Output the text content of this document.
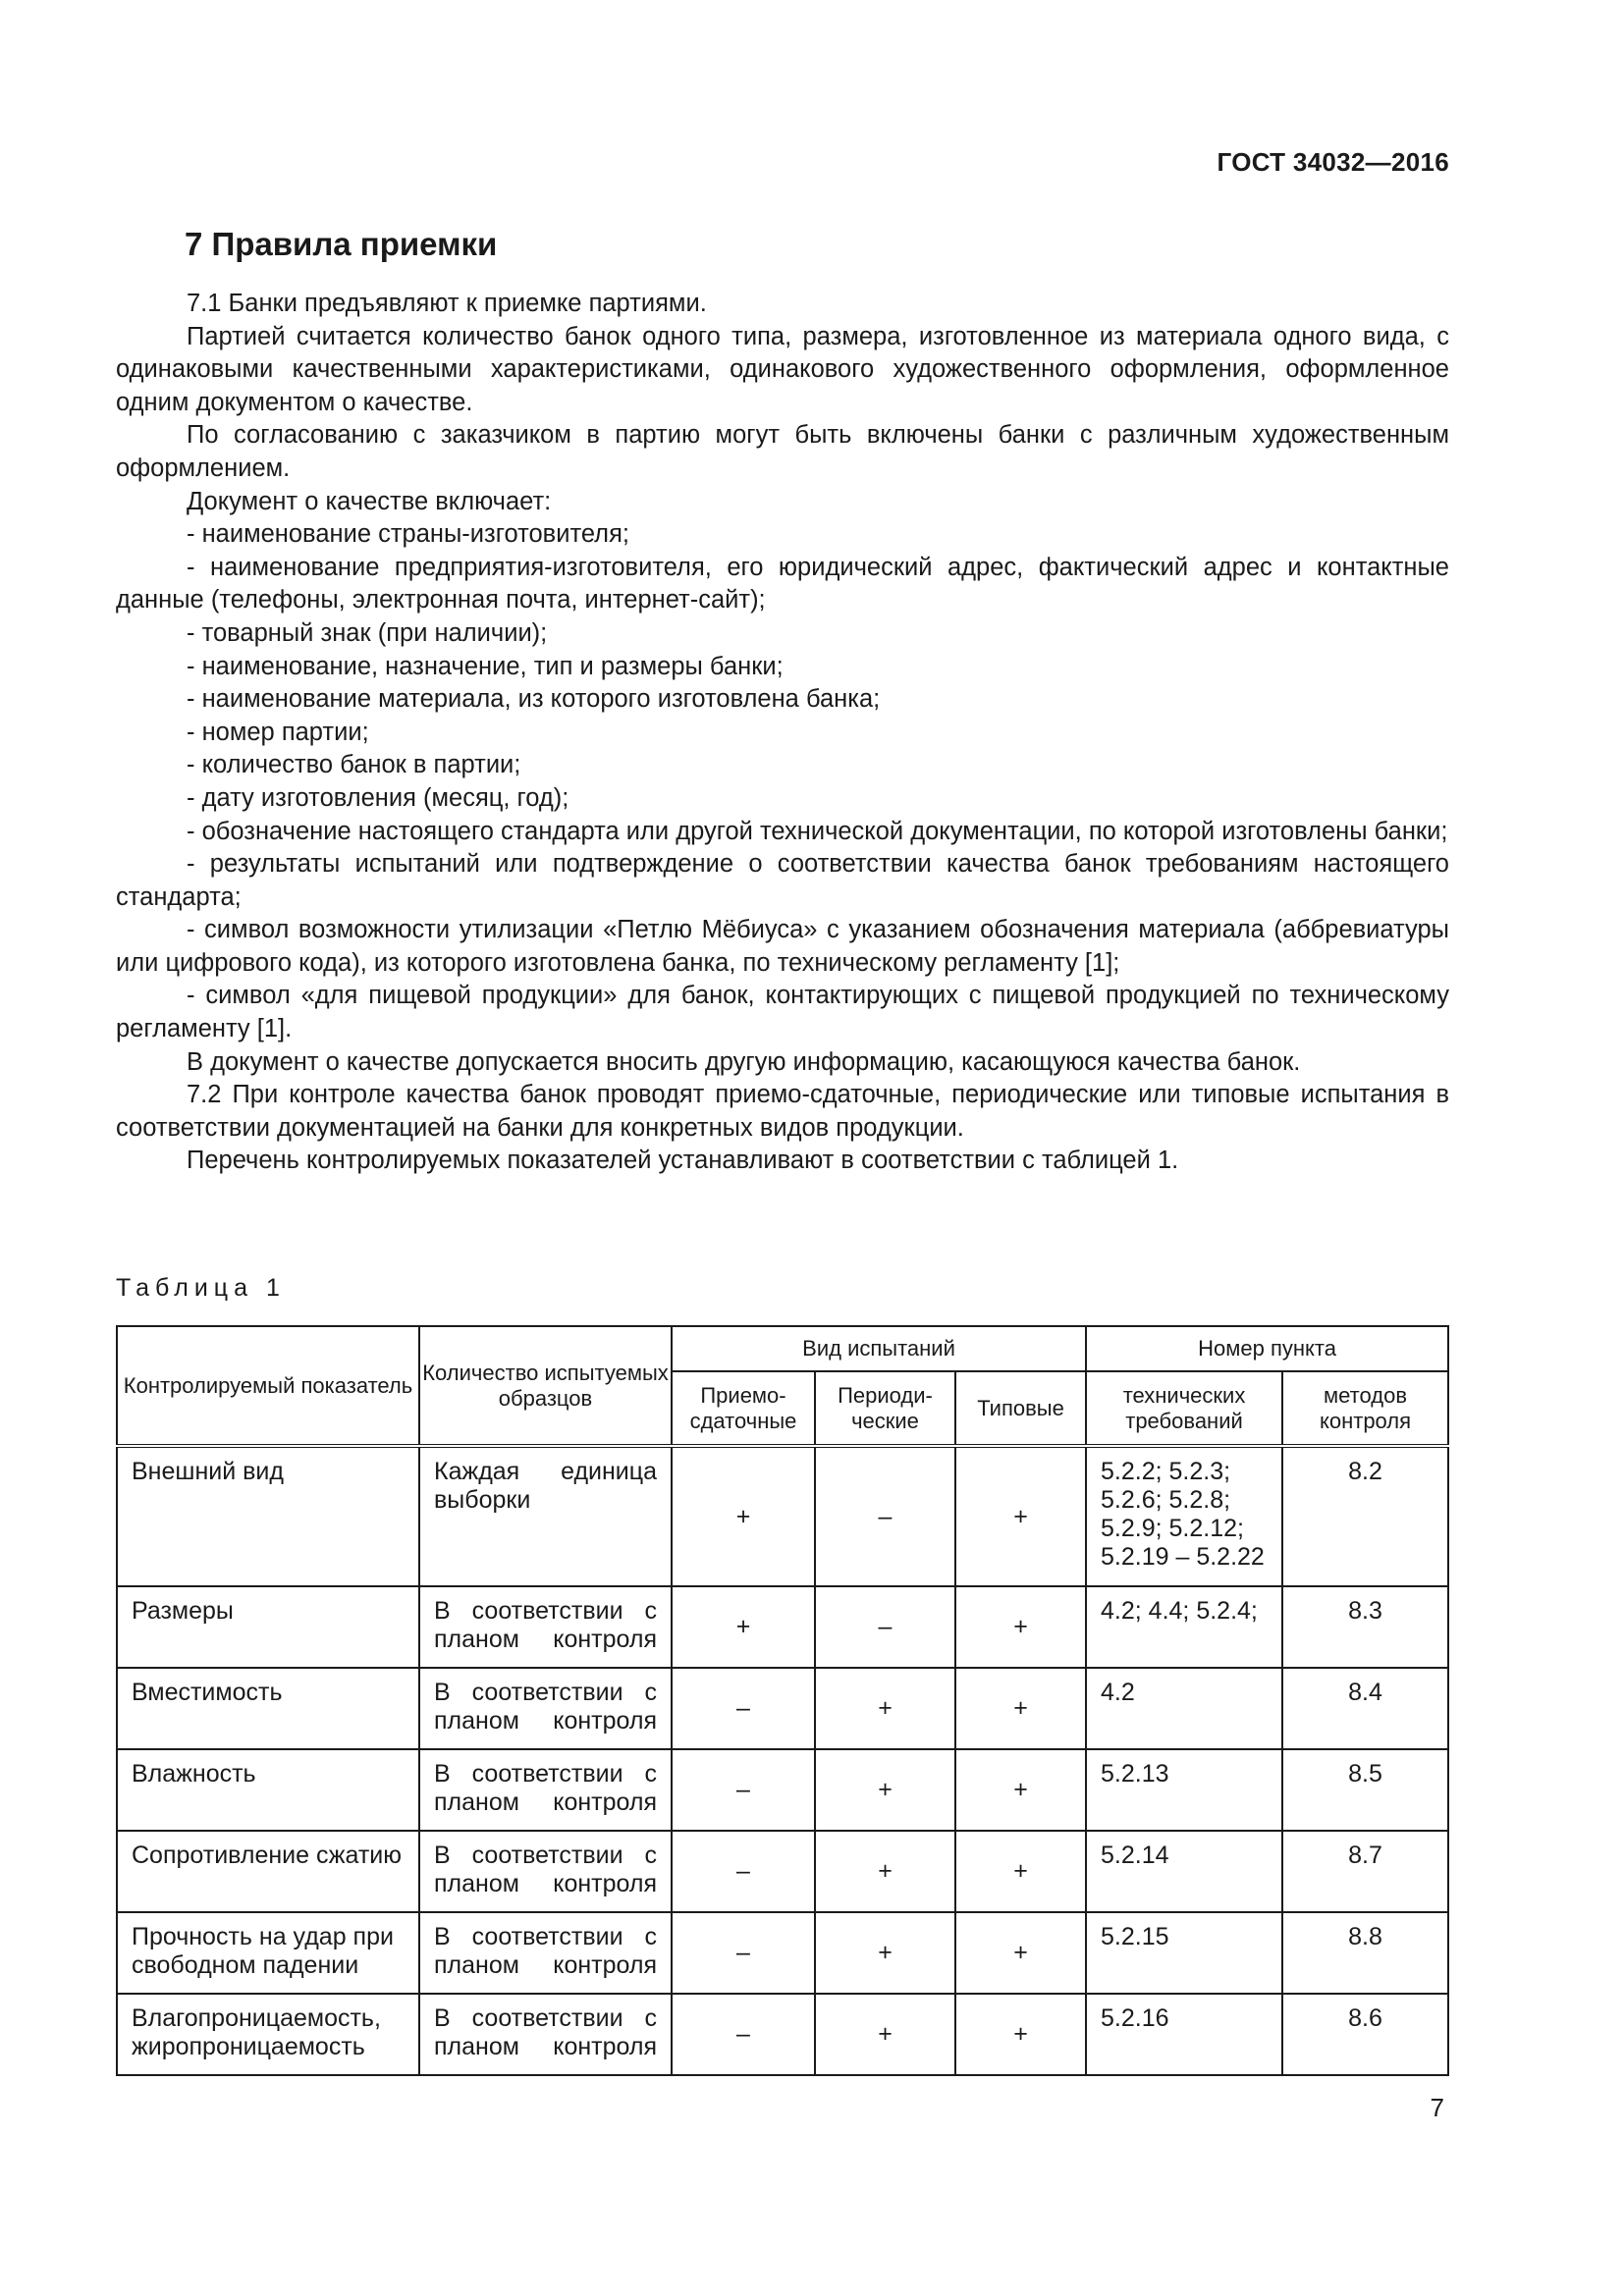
ГОСТ 34032—2016
7 Правила приемки

7.1 Банки предъявляют к приемке партиями.

Партией считается количество банок одного типа, размера, изготовленное из материала одного вида, с одинаковыми качественными характеристиками, одинакового художественного оформления, оформленное одним документом о качестве.

По согласованию с заказчиком в партию могут быть включены банки с различным художественным оформлением.

Документ о качестве включает:

- наименование страны-изготовителя;

- наименование предприятия-изготовителя, его юридический адрес, фактический адрес и контактные данные (телефоны, электронная почта, интернет-сайт);

- товарный знак (при наличии);

- наименование, назначение, тип и размеры банки;

- наименование материала, из которого изготовлена банка;

- номер партии;

- количество банок в партии;

- дату изготовления (месяц, год);

- обозначение настоящего стандарта или другой технической документации, по которой изготовлены банки;

- результаты испытаний или подтверждение о соответствии качества банок требованиям настоящего стандарта;

- символ возможности утилизации «Петлю Мёбиуса» с указанием обозначения материала (аббревиатуры или цифрового кода), из которого изготовлена банка, по техническому регламенту [1];

- символ «для пищевой продукции» для банок, контактирующих с пищевой продукцией по техническому регламенту [1].

В документ о качестве допускается вносить другую информацию, касающуюся качества банок.

7.2 При контроле качества банок проводят приемо-сдаточные, периодические или типовые испытания в соответствии документацией на банки для конкретных видов продукции.

Перечень контролируемых показателей устанавливают в соответствии с таблицей 1.

Таблица 1
Контролируемый показатель	Количество испытуемых образцов	Вид испытаний			Номер пункта	
		Приемо-сдаточные	Периоди-ческие	Типовые	технических требований	методов контроля
Внешний вид	Каждая единица выборки	+	–	+	5.2.2; 5.2.3; 5.2.6; 5.2.8; 5.2.9; 5.2.12; 5.2.19 – 5.2.22	8.2
Размеры	В соответствии с планом контроля	+	–	+	4.2; 4.4; 5.2.4;	8.3
Вместимость	В соответствии с планом контроля	–	+	+	4.2	8.4
Влажность	В соответствии с планом контроля	–	+	+	5.2.13	8.5
Сопротивление сжатию	В соответствии с планом контроля	–	+	+	5.2.14	8.7
Прочность на удар при свободном падении	В соответствии с планом контроля	–	+	+	5.2.15	8.8
Влагопроницаемость, жиропроницаемость	В соответствии с планом контроля	–	+	+	5.2.16	8.6
7
